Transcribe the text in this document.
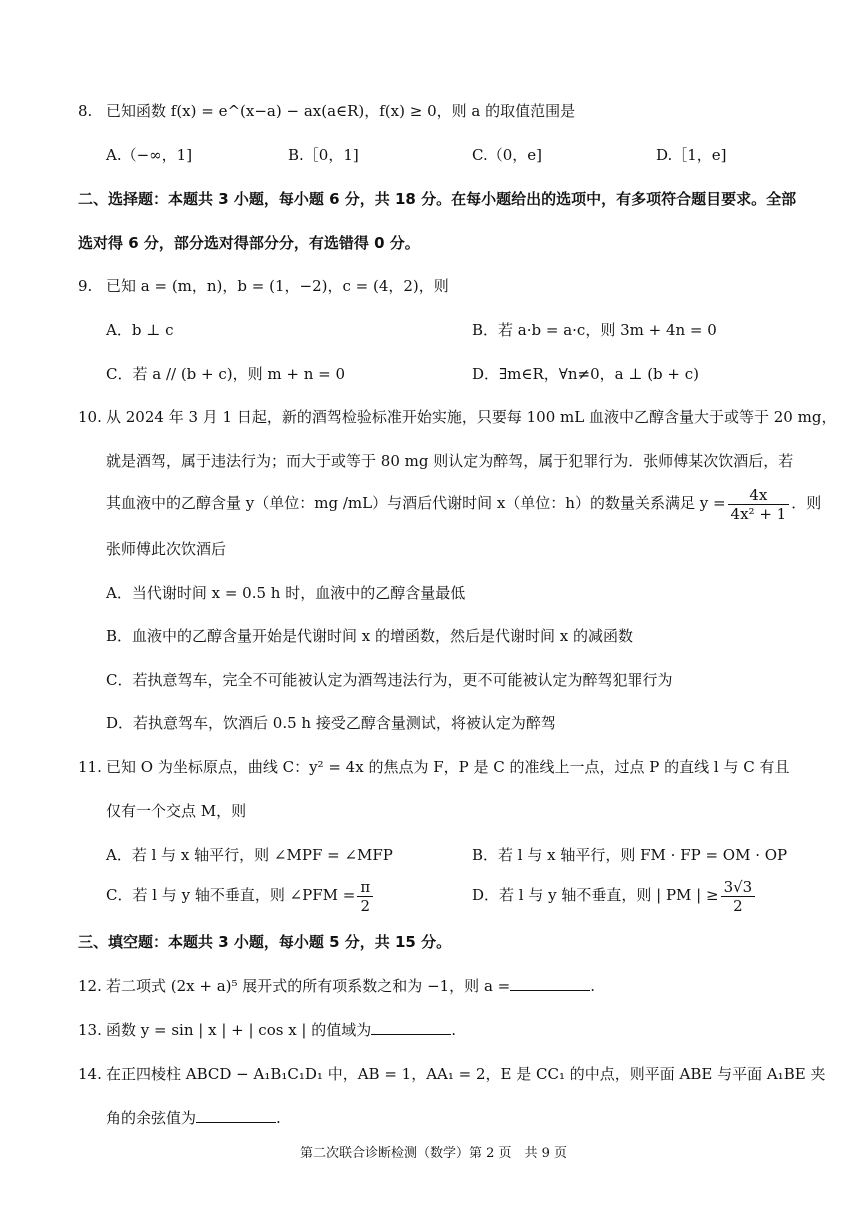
8. 已知函数 f(x) = e^(x−a) − ax(a∈R)，f(x) ≥ 0，则 a 的取值范围是
A.（−∞，1]	B.［0，1]	C.（0，e]	D.［1，e]
二、选择题：本题共 3 小题，每小题 6 分，共 18 分。在每小题给出的选项中，有多项符合题目要求。全部
选对得 6 分，部分选对得部分分，有选错得 0 分。
9. 已知 a = (m，n)，b = (1，−2)，c = (4，2)，则
A．b ⊥ c	B．若 a·b = a·c，则 3m + 4n = 0
C．若 a // (b + c)，则 m + n = 0	D．∃m∈R，∀n≠0，a ⊥ (b + c)
10. 从 2024 年 3 月 1 日起，新的酒驾检验标准开始实施，只要每 100 mL 血液中乙醇含量大于或等于 20 mg，
就是酒驾，属于违法行为；而大于或等于 80 mg 则认定为醉驾，属于犯罪行为．张师傅某次饮酒后，若
其血液中的乙醇含量 y（单位：mg /mL）与酒后代谢时间 x（单位：h）的数量关系满足 $y = \frac{4x}{\text{4x² + 1}}$ ．则
张师傅此次饮酒后
A．当代谢时间 x = 0.5 h 时，血液中的乙醇含量最低
B．血液中的乙醇含量开始是代谢时间 x 的增函数，然后是代谢时间 x 的减函数
C．若执意驾车，完全不可能被认定为酒驾违法行为，更不可能被认定为醉驾犯罪行为
D．若执意驾车，饮酒后 0.5 h 接受乙醇含量测试，将被认定为醉驾
11. 已知 O 为坐标原点，曲线 C：y² = 4x 的焦点为 F，P 是 C 的准线上一点，过点 P 的直线 l 与 C 有且
仅有一个交点 M，则
A．若 l 与 x 轴平行，则 ∠MPF = ∠MFP	B．若 l 与 x 轴平行，则 FM · FP = OM · OP
C．若 l 与 y 轴不垂直，则 ∠PFM = $\frac{\pi}{2}$	D．若 l 与 y 轴不垂直，则 | PM | ≥ $\frac{3√3}{2}$
三、填空题：本题共 3 小题，每小题 5 分，共 15 分。
12. 若二项式 (2x + a)⁵ 展开式的所有项系数之和为 −1，则 a =	.
13. 函数 y = sin | x | + | cos x | 的值域为	.
14. 在正四棱柱 ABCD − A₁B₁C₁D₁ 中，AB = 1，AA₁ = 2，E 是 CC₁ 的中点，则平面 ABE 与平面 A₁BE 夹
角的余弦值为	.
第二次联合诊断检测（数学）第 2 页　共 9 页
